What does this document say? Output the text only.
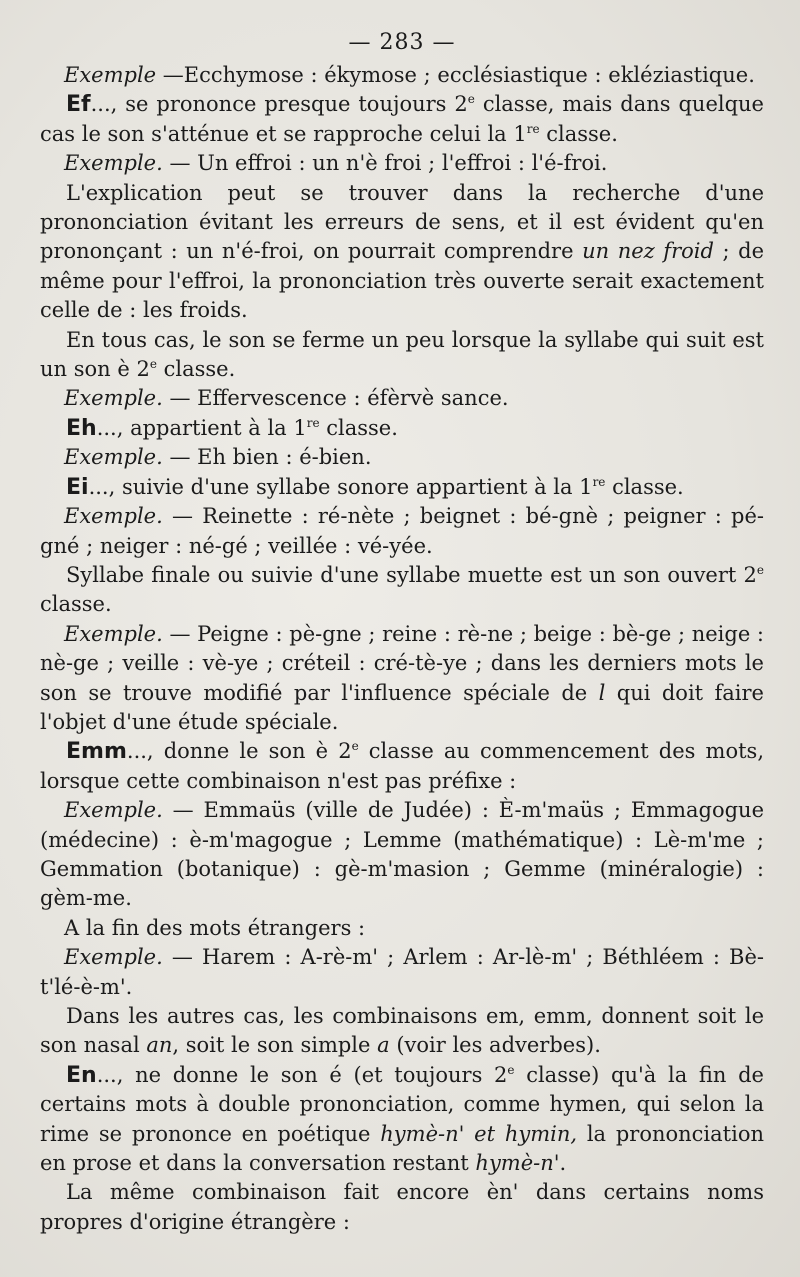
— 283 —

Exemple —Ecchymose : ékymose ; ecclésiastique : ekléziastique.

Ef..., se prononce presque toujours 2e classe, mais dans quelque cas le son s'atténue et se rapproche celui la 1re classe.

Exemple. — Un effroi : un n'è froi ; l'effroi : l'é-froi.

L'explication peut se trouver dans la recherche d'une prononciation évitant les erreurs de sens, et il est évident qu'en prononçant : un n'é-froi, on pourrait comprendre un nez froid ; de même pour l'effroi, la prononciation très ouverte serait exactement celle de : les froids.

En tous cas, le son se ferme un peu lorsque la syllabe qui suit est un son è 2e classe.

Exemple. — Effervescence : éfèrvè sance.

Eh..., appartient à la 1re classe.

Exemple. — Eh bien : é-bien.

Ei..., suivie d'une syllabe sonore appartient à la 1re classe.

Exemple. — Reinette : ré-nète ; beignet : bé-gnè ; peigner : pé-gné ; neiger : né-gé ; veillée : vé-yée.

Syllabe finale ou suivie d'une syllabe muette est un son ouvert 2e classe.

Exemple. — Peigne : pè-gne ; reine : rè-ne ; beige : bè-ge ; neige : nè-ge ; veille : vè-ye ; créteil : cré-tè-ye ; dans les derniers mots le son se trouve modifié par l'influence spéciale de l qui doit faire l'objet d'une étude spéciale.

Emm..., donne le son è 2e classe au commencement des mots, lorsque cette combinaison n'est pas préfixe :

Exemple. — Emmaüs (ville de Judée) : È-m'maüs ; Emmagogue (médecine) : è-m'magogue ; Lemme (mathématique) : Lè-m'me ; Gemmation (botanique) : gè-m'masion ; Gemme (minéralogie) : gèm-me.

A la fin des mots étrangers :

Exemple. — Harem : A-rè-m' ; Arlem : Ar-lè-m' ; Béthléem : Bè-t'lé-è-m'.

Dans les autres cas, les combinaisons em, emm, donnent soit le son nasal an, soit le son simple a (voir les adverbes).

En..., ne donne le son é (et toujours 2e classe) qu'à la fin de certains mots à double prononciation, comme hymen, qui selon la rime se prononce en poétique hymè-n' et hymin, la prononciation en prose et dans la conversation restant hymè-n'.

La même combinaison fait encore èn' dans certains noms propres d'origine étrangère :
